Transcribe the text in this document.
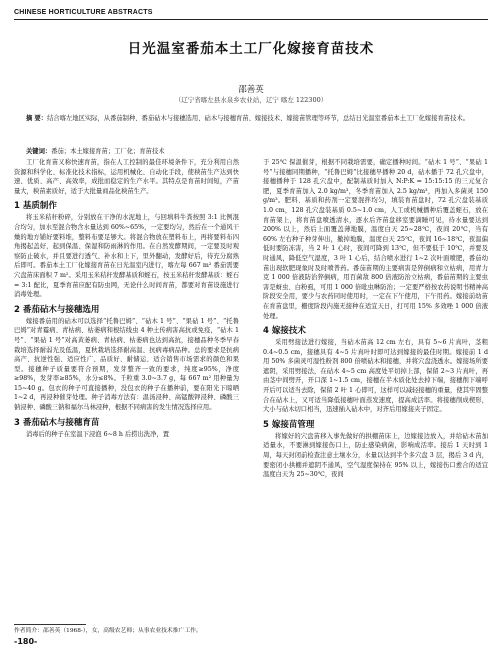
CHINESE HORTICULTURE ABSTRACTS
日光温室番茄本土工厂化嫁接育苗技术
邵善英
（辽宁省喀左县水泉乡农业站，辽宁 喀左 122300）
摘 要：结合喀左地区实际，从番茄制种、番茄砧木与接穗选用、砧木与接穗育苗、嫁接技术、嫁接苗管理等环节，总结日光温室番茄本土工厂化嫁接育苗技术。
关键词：番茄；本土嫁接育苗；工厂化；育苗技术

工厂化育苗又称快速育苗，指在人工控制的最佳环境条件下，充分利用自然资源和科学化、标准化技术指标，运用机械化、自动化手段，使秧苗生产达到快速、优质、高产、高效率，成批而稳定的生产水平。其特点是育苗时间短，产苗量大，秧苗素质好，适于大批量商品化秧苗生产。

1 基质制作

将玉米秸秆粉碎，分别放在干净的水泥地上，与回填料牛粪按照 3:1 比例混合均匀，加水至混合物含水量达到 60%~65%，一定要均匀，然后在一个通风干燥的地方铺好要料堆，整料布要足够大。将混合物放在塑料布上，再将要料布四角揭起盖好，起到保温、保湿和防雨淋的作用。在自然发酵期间，一定要及时观察防止破水，并且要进行透气、补水和上下，里外翻动，发酵好后，待充分腐熟后即可。番茄本土工厂化嫁接育苗在日光温室内进行，喀左每 667 m² 番茄需要穴盘苗床面积 7 m²。采用玉米秸秆发酵基质和蛭石，按玉米秸秆发酵基质：蛭石 = 3:1 配比，夏季育苗应配有防虫网，无论什么时间育苗，都要对育苗设施进行消毒处理。

2 番茄砧木与接穗选用

嫁接番茄用的砧木可以选择“托鲁巴姆”、“砧木 1 号”、“果砧 1 号”、“托鲁巴姆”对青霉病、青枯病、枯萎病和根结线虫 4 种土传病害高抗或免疫，“砧木 1 号”、“果砧 1 号”对高黄萎病、青枯病、枯萎病也达到高抗，接穗品种冬季早春栽培选择耐弱光及低温，夏秋栽培选择耐高温、抗病毒病品种。总的要求是抗病高产、抗逆性强、适应性广、品质好、耐储运、适合销售市场需求的颜色和果型。接穗种子质量要符合预期，发芽整齐一致的要求，纯度≥95%，净度≥98%，发芽率≥85%，水分≤8%。千粒重 3.0~3.7 g，每 667 m² 用种量为 15~40 g。包衣的种子可直接播种，没包衣的种子在播种前，要在阳光下晾晒 1~2 d，再浸种催芽处理。种子消毒方法有：温汤浸种、高锰酸钾浸种、磷酸三钠浸种、磷酸三钠和福尔马林浸种，根据不同病害的发生情况选择应用。

3 番茄砧木与接穗育苗

消毒后的种子在室温下浸泡 6~8 h 后捞出洗净，置

于 25℃ 保温催芽，根据不同栽培需要，确定播种时间。“砧木 1 号”、“果砧 1 号”与接穗同期播种，“托鲁巴姆”比接穗早播种 20 d，砧木播于 72 孔穴盘中，接穗播种于 128 孔穴盘中，配制基质时加入 N:P:K = 15:15:15 的三元复合肥，夏季育苗加入 2.0 kg/m³，冬季育苗加入 2.5 kg/m³，再加入多菌灵 150 g/m³。肥料、基质和药剂一定要混拌均匀，填装育苗盘时，72 孔穴盘装基质 1.0 cm，128 孔穴盘装基质 0.5~1.0 cm，人工或机械播种后覆盖蛭石，放在育苗架上，将育苗盘喷透清水，逐水后齐苗盘移室要滴睡可见，待水量要达到 200% 以上，然后上面覆盖薄地膜，温度白天 25~28℃，夜间 20℃，当有 60% 左右种子种芽伸出，撤掉地膜，温度白天 25℃，夜间 16~18℃，夜温偏低时要防冻害，当 2 叶 1 心时，夜间可降到 13℃，但不要低于 10℃，并要及时通风，降低空气湿度，3 叶 1 心后，结合喷水进行 1~2 次叶面喷肥，番茄幼苗出现软肥现象时及时喷普药。番茄苗期的主要病害是猝倒病和立枯病，用青力克 1 000 倍液防治猝倒病，用百菌敌 800 倍液防治立枯病，番茄苗期的主要虫害是蚜虫、白粉虱，可用 1 000 倍吡虫啉防治；一定要严格按农药说明书精神高阶段安全用，要少与农药同时使用时，一定在下午使用，下午用药。嫁接前幼苗在育苗盘里，栅度阶段内施无接种在适宜天日，打可用 15% 多效唑 1 000 倍液处理。

4 嫁接技术

采用劈接法进行嫁接，当砧木苗高 12 cm 左右，具有 5~6 片真叶，茎粗 0.4~0.5 cm，接穗具有 4~5 片真叶时即可达到嫁接的最佳时期。嫁接前 1 d 用 50% 多菌灵可湿性粉剂 800 倍喷砧木和接穗，并将穴盘浇透水。嫁接场所要遮阴，采用劈接法，在砧木 4~5 cm 高度处平切掉上部，保留 2~3 片真叶，再由茎中间劈开，开口深 1~1.5 cm，接穗在半木质化处去掉下端，接穗削下端呼开后可以适当去除，保留 2 叶 1 心即可，这样可以减轻接穗的重量，使其牢固整合在砧木上，又可适当降低接穗叶面蒸发速度，提高成活率。将接穗削成楔形，大小与砧木切口相当，迅速插入砧木中，对齐后用嫁接夹子固定。

5 嫁接苗管理

将嫁好的穴盘苗移入事先做好的拱棚苗床上，边嫁接边放入，并给砧木苗加适量水，不要淋到嫁接伤口上，防止感染病菌，影响成活率。接后 1 天时到 1 周，每天封闭前检查注意土壤水分，水量以达到半个多穴盘 3 层，揭后 3 d 内，要密闭小拱棚并遮阴不通风，空气湿度保持在 95% 以上，嫁接伤口愈合的适宜温度白天为 25~30℃，夜间

作者简介：邵善英（1968-），女，高级农艺师；从事农业技术推广工作。
-180-
